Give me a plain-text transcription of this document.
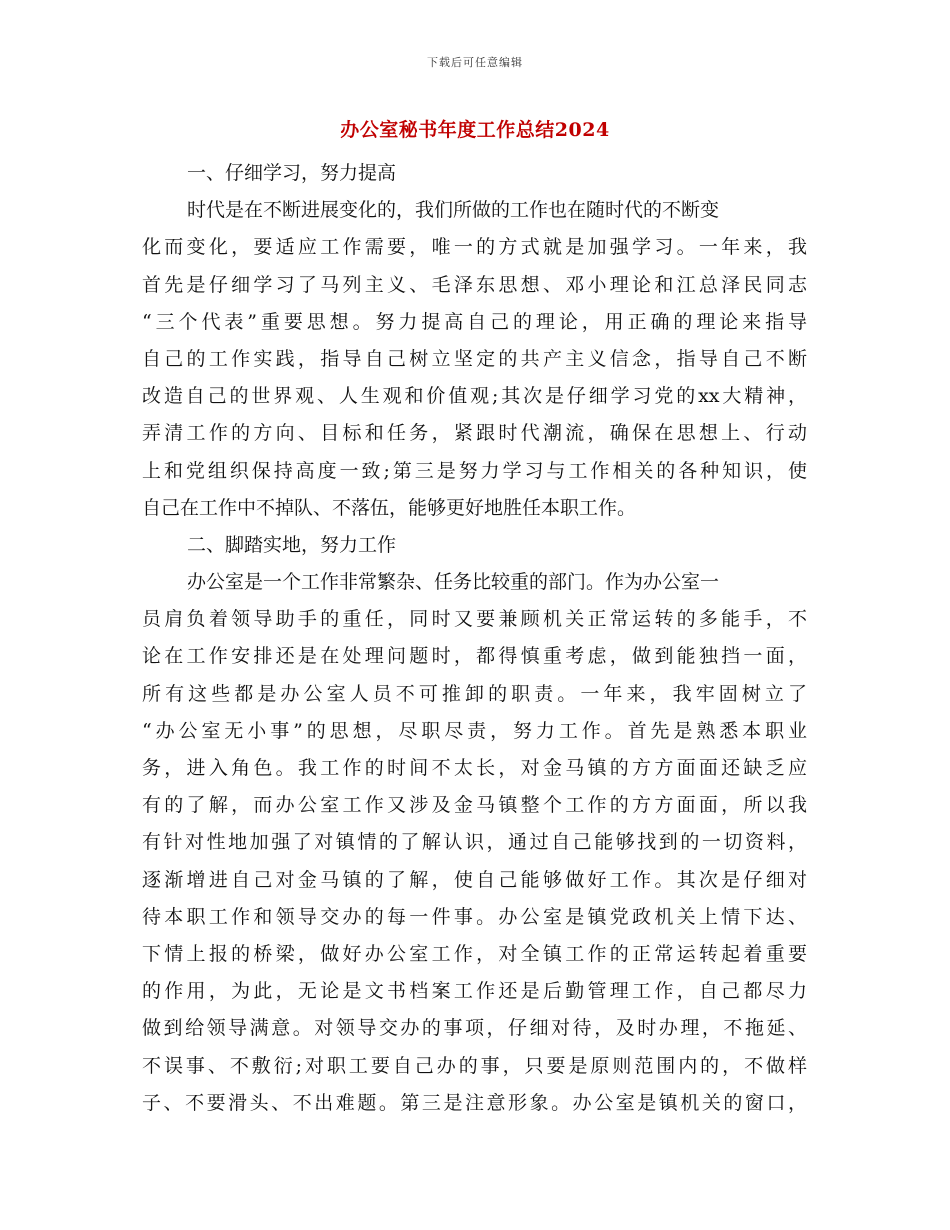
下载后可任意编辑
办公室秘书年度工作总结2024
一、仔细学习，努力提高
时代是在不断进展变化的，我们所做的工作也在随时代的不断变
化而变化，要适应工作需要，唯一的方式就是加强学习。一年来，我
首先是仔细学习了马列主义、毛泽东思想、邓小理论和江总泽民同志
“三个代表”重要思想。努力提高自己的理论，用正确的理论来指导
自己的工作实践，指导自己树立坚定的共产主义信念，指导自己不断
改造自己的世界观、人生观和价值观;其次是仔细学习党的xx大精神，
弄清工作的方向、目标和任务，紧跟时代潮流，确保在思想上、行动
上和党组织保持高度一致;第三是努力学习与工作相关的各种知识，使
自己在工作中不掉队、不落伍，能够更好地胜任本职工作。
二、脚踏实地，努力工作
办公室是一个工作非常繁杂、任务比较重的部门。作为办公室一
员肩负着领导助手的重任，同时又要兼顾机关正常运转的多能手，不
论在工作安排还是在处理问题时，都得慎重考虑，做到能独挡一面，
所有这些都是办公室人员不可推卸的职责。一年来，我牢固树立了
“办公室无小事”的思想，尽职尽责，努力工作。首先是熟悉本职业
务，进入角色。我工作的时间不太长，对金马镇的方方面面还缺乏应
有的了解，而办公室工作又涉及金马镇整个工作的方方面面，所以我
有针对性地加强了对镇情的了解认识，通过自己能够找到的一切资料，
逐渐增进自己对金马镇的了解，使自己能够做好工作。其次是仔细对
待本职工作和领导交办的每一件事。办公室是镇党政机关上情下达、
下情上报的桥梁，做好办公室工作，对全镇工作的正常运转起着重要
的作用，为此，无论是文书档案工作还是后勤管理工作，自己都尽力
做到给领导满意。对领导交办的事项，仔细对待，及时办理，不拖延、
不误事、不敷衍;对职工要自己办的事，只要是原则范围内的，不做样
子、不要滑头、不出难题。第三是注意形象。办公室是镇机关的窗口，
